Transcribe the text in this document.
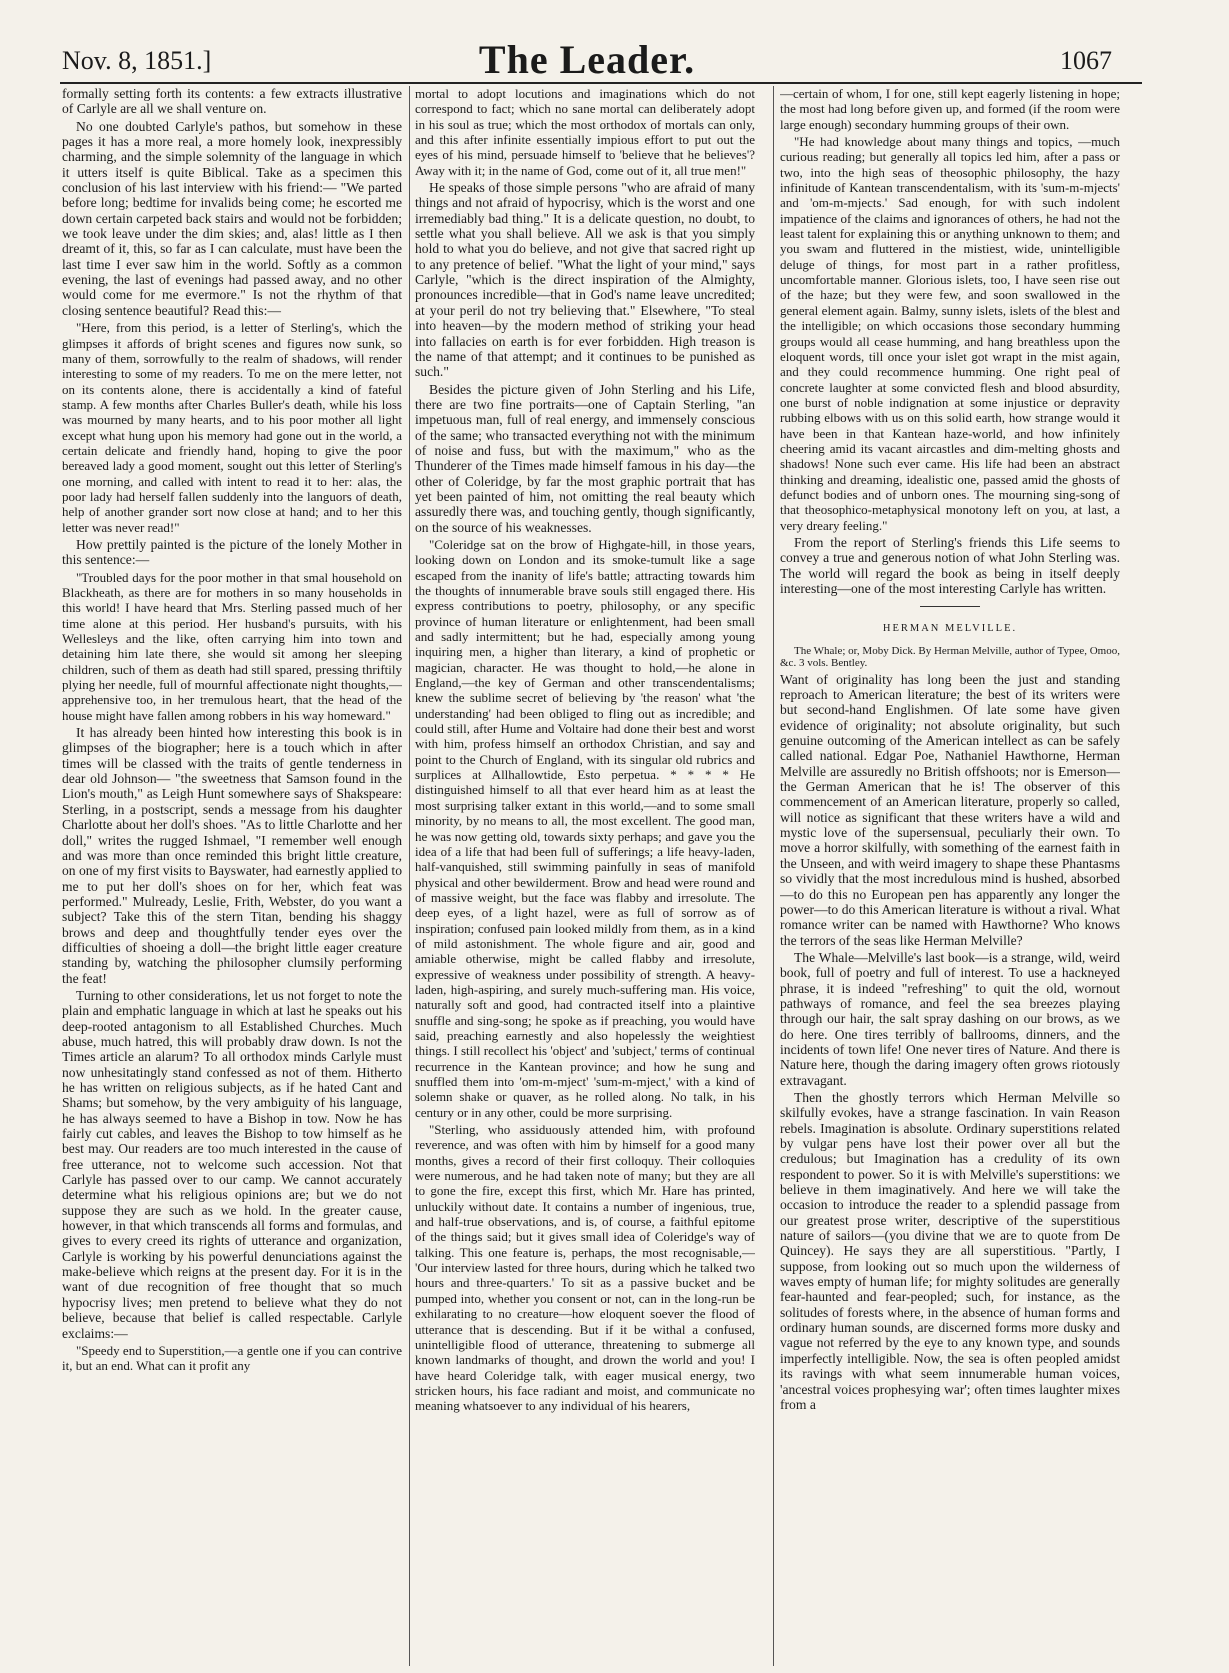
Nov. 8, 1851.]	The Leader.	1067

formally setting forth its contents: a few extracts illustrative of Carlyle are all we shall venture on.

No one doubted Carlyle's pathos, but somehow in these pages it has a more real, a more homely look, inexpressibly charming, and the simple solemnity of the language in which it utters itself is quite Biblical. Take as a specimen this conclusion of his last interview with his friend:— "We parted before long; bedtime for invalids being come; he escorted me down certain carpeted back stairs and would not be forbidden; we took leave under the dim skies; and, alas! little as I then dreamt of it, this, so far as I can calculate, must have been the last time I ever saw him in the world. Softly as a common evening, the last of evenings had passed away, and no other would come for me evermore." Is not the rhythm of that closing sentence beautiful? Read this:—

"Here, from this period, is a letter of Sterling's, which the glimpses it affords of bright scenes and figures now sunk, so many of them, sorrowfully to the realm of shadows, will render interesting to some of my readers. To me on the mere letter, not on its contents alone, there is accidentally a kind of fateful stamp. A few months after Charles Buller's death, while his loss was mourned by many hearts, and to his poor mother all light except what hung upon his memory had gone out in the world, a certain delicate and friendly hand, hoping to give the poor bereaved lady a good moment, sought out this letter of Sterling's one morning, and called with intent to read it to her: alas, the poor lady had herself fallen suddenly into the languors of death, help of another grander sort now close at hand; and to her this letter was never read!"

How prettily painted is the picture of the lonely Mother in this sentence:—

"Troubled days for the poor mother in that smal household on Blackheath, as there are for mothers in so many households in this world! I have heard that Mrs. Sterling passed much of her time alone at this period. Her husband's pursuits, with his Wellesleys and the like, often carrying him into town and detaining him late there, she would sit among her sleeping children, such of them as death had still spared, pressing thriftily plying her needle, full of mournful affectionate night thoughts,—apprehensive too, in her tremulous heart, that the head of the house might have fallen among robbers in his way homeward."

It has already been hinted how interesting this book is in glimpses of the biographer; here is a touch which in after times will be classed with the traits of gentle tenderness in dear old Johnson— "the sweetness that Samson found in the Lion's mouth," as Leigh Hunt somewhere says of Shakspeare: Sterling, in a postscript, sends a message from his daughter Charlotte about her doll's shoes. "As to little Charlotte and her doll," writes the rugged Ishmael, "I remember well enough and was more than once reminded this bright little creature, on one of my first visits to Bayswater, had earnestly applied to me to put her doll's shoes on for her, which feat was performed." Mulready, Leslie, Frith, Webster, do you want a subject? Take this of the stern Titan, bending his shaggy brows and deep and thoughtfully tender eyes over the difficulties of shoeing a doll—the bright little eager creature standing by, watching the philosopher clumsily performing the feat!

Turning to other considerations, let us not forget to note the plain and emphatic language in which at last he speaks out his deep-rooted antagonism to all Established Churches. Much abuse, much hatred, this will probably draw down. Is not the Times article an alarum? To all orthodox minds Carlyle must now unhesitatingly stand confessed as not of them. Hitherto he has written on religious subjects, as if he hated Cant and Shams; but somehow, by the very ambiguity of his language, he has always seemed to have a Bishop in tow. Now he has fairly cut cables, and leaves the Bishop to tow himself as he best may. Our readers are too much interested in the cause of free utterance, not to welcome such accession. Not that Carlyle has passed over to our camp. We cannot accurately determine what his religious opinions are; but we do not suppose they are such as we hold. In the greater cause, however, in that which transcends all forms and formulas, and gives to every creed its rights of utterance and organization, Carlyle is working by his powerful denunciations against the make-believe which reigns at the present day. For it is in the want of due recognition of free thought that so much hypocrisy lives; men pretend to believe what they do not believe, because that belief is called respectable. Carlyle exclaims:—

"Speedy end to Superstition,—a gentle one if you can contrive it, but an end. What can it profit any

mortal to adopt locutions and imaginations which do not correspond to fact; which no sane mortal can deliberately adopt in his soul as true; which the most orthodox of mortals can only, and this after infinite essentially impious effort to put out the eyes of his mind, persuade himself to 'believe that he believes'? Away with it; in the name of God, come out of it, all true men!"

He speaks of those simple persons "who are afraid of many things and not afraid of hypocrisy, which is the worst and one irremediably bad thing." It is a delicate question, no doubt, to settle what you shall believe. All we ask is that you simply hold to what you do believe, and not give that sacred right up to any pretence of belief. "What the light of your mind," says Carlyle, "which is the direct inspiration of the Almighty, pronounces incredible—that in God's name leave uncredited; at your peril do not try believing that." Elsewhere, "To steal into heaven—by the modern method of striking your head into fallacies on earth is for ever forbidden. High treason is the name of that attempt; and it continues to be punished as such."

Besides the picture given of John Sterling and his Life, there are two fine portraits—one of Captain Sterling, "an impetuous man, full of real energy, and immensely conscious of the same; who transacted everything not with the minimum of noise and fuss, but with the maximum," who as the Thunderer of the Times made himself famous in his day—the other of Coleridge, by far the most graphic portrait that has yet been painted of him, not omitting the real beauty which assuredly there was, and touching gently, though significantly, on the source of his weaknesses.

"Coleridge sat on the brow of Highgate-hill, in those years, looking down on London and its smoke-tumult like a sage escaped from the inanity of life's battle; attracting towards him the thoughts of innumerable brave souls still engaged there. His express contributions to poetry, philosophy, or any specific province of human literature or enlightenment, had been small and sadly intermittent; but he had, especially among young inquiring men, a higher than literary, a kind of prophetic or magician, character. He was thought to hold,—he alone in England,—the key of German and other transcendentalisms; knew the sublime secret of believing by 'the reason' what 'the understanding' had been obliged to fling out as incredible; and could still, after Hume and Voltaire had done their best and worst with him, profess himself an orthodox Christian, and say and point to the Church of England, with its singular old rubrics and surplices at Allhallowtide, Esto perpetua. * * * * He distinguished himself to all that ever heard him as at least the most surprising talker extant in this world,—and to some small minority, by no means to all, the most excellent. The good man, he was now getting old, towards sixty perhaps; and gave you the idea of a life that had been full of sufferings; a life heavy-laden, half-vanquished, still swimming painfully in seas of manifold physical and other bewilderment. Brow and head were round and of massive weight, but the face was flabby and irresolute. The deep eyes, of a light hazel, were as full of sorrow as of inspiration; confused pain looked mildly from them, as in a kind of mild astonishment. The whole figure and air, good and amiable otherwise, might be called flabby and irresolute, expressive of weakness under possibility of strength. A heavy-laden, high-aspiring, and surely much-suffering man. His voice, naturally soft and good, had contracted itself into a plaintive snuffle and sing-song; he spoke as if preaching, you would have said, preaching earnestly and also hopelessly the weightiest things. I still recollect his 'object' and 'subject,' terms of continual recurrence in the Kantean province; and how he sung and snuffled them into 'om-m-mject' 'sum-m-mject,' with a kind of solemn shake or quaver, as he rolled along. No talk, in his century or in any other, could be more surprising.

"Sterling, who assiduously attended him, with profound reverence, and was often with him by himself for a good many months, gives a record of their first colloquy. Their colloquies were numerous, and he had taken note of many; but they are all to gone the fire, except this first, which Mr. Hare has printed, unluckily without date. It contains a number of ingenious, true, and half-true observations, and is, of course, a faithful epitome of the things said; but it gives small idea of Coleridge's way of talking. This one feature is, perhaps, the most recognisable,— 'Our interview lasted for three hours, during which he talked two hours and three-quarters.' To sit as a passive bucket and be pumped into, whether you consent or not, can in the long-run be exhilarating to no creature—how eloquent soever the flood of utterance that is descending. But if it be withal a confused, unintelligible flood of utterance, threatening to submerge all known landmarks of thought, and drown the world and you! I have heard Coleridge talk, with eager musical energy, two stricken hours, his face radiant and moist, and communicate no meaning whatsoever to any individual of his hearers,

—certain of whom, I for one, still kept eagerly listening in hope; the most had long before given up, and formed (if the room were large enough) secondary humming groups of their own.

"He had knowledge about many things and topics, —much curious reading; but generally all topics led him, after a pass or two, into the high seas of theosophic philosophy, the hazy infinitude of Kantean transcendentalism, with its 'sum-m-mjects' and 'om-m-mjects.' Sad enough, for with such indolent impatience of the claims and ignorances of others, he had not the least talent for explaining this or anything unknown to them; and you swam and fluttered in the mistiest, wide, unintelligible deluge of things, for most part in a rather profitless, uncomfortable manner. Glorious islets, too, I have seen rise out of the haze; but they were few, and soon swallowed in the general element again. Balmy, sunny islets, islets of the blest and the intelligible; on which occasions those secondary humming groups would all cease humming, and hang breathless upon the eloquent words, till once your islet got wrapt in the mist again, and they could recommence humming. One right peal of concrete laughter at some convicted flesh and blood absurdity, one burst of noble indignation at some injustice or depravity rubbing elbows with us on this solid earth, how strange would it have been in that Kantean haze-world, and how infinitely cheering amid its vacant aircastles and dim-melting ghosts and shadows! None such ever came. His life had been an abstract thinking and dreaming, idealistic one, passed amid the ghosts of defunct bodies and of unborn ones. The mourning sing-song of that theosophico-metaphysical monotony left on you, at last, a very dreary feeling."

From the report of Sterling's friends this Life seems to convey a true and generous notion of what John Sterling was. The world will regard the book as being in itself deeply interesting—one of the most interesting Carlyle has written.

HERMAN MELVILLE.

The Whale; or, Moby Dick. By Herman Melville, author of Typee, Omoo, &c. 3 vols. Bentley.

Want of originality has long been the just and standing reproach to American literature; the best of its writers were but second-hand Englishmen. Of late some have given evidence of originality; not absolute originality, but such genuine outcoming of the American intellect as can be safely called national. Edgar Poe, Nathaniel Hawthorne, Herman Melville are assuredly no British offshoots; nor is Emerson—the German American that he is! The observer of this commencement of an American literature, properly so called, will notice as significant that these writers have a wild and mystic love of the supersensual, peculiarly their own. To move a horror skilfully, with something of the earnest faith in the Unseen, and with weird imagery to shape these Phantasms so vividly that the most incredulous mind is hushed, absorbed—to do this no European pen has apparently any longer the power—to do this American literature is without a rival. What romance writer can be named with Hawthorne? Who knows the terrors of the seas like Herman Melville?

The Whale—Melville's last book—is a strange, wild, weird book, full of poetry and full of interest. To use a hackneyed phrase, it is indeed "refreshing" to quit the old, wornout pathways of romance, and feel the sea breezes playing through our hair, the salt spray dashing on our brows, as we do here. One tires terribly of ballrooms, dinners, and the incidents of town life! One never tires of Nature. And there is Nature here, though the daring imagery often grows riotously extravagant.

Then the ghostly terrors which Herman Melville so skilfully evokes, have a strange fascination. In vain Reason rebels. Imagination is absolute. Ordinary superstitions related by vulgar pens have lost their power over all but the credulous; but Imagination has a credulity of its own respondent to power. So it is with Melville's superstitions: we believe in them imaginatively. And here we will take the occasion to introduce the reader to a splendid passage from our greatest prose writer, descriptive of the superstitious nature of sailors—(you divine that we are to quote from De Quincey). He says they are all superstitious. "Partly, I suppose, from looking out so much upon the wilderness of waves empty of human life; for mighty solitudes are generally fear-haunted and fear-peopled; such, for instance, as the solitudes of forests where, in the absence of human forms and ordinary human sounds, are discerned forms more dusky and vague not referred by the eye to any known type, and sounds imperfectly intelligible. Now, the sea is often peopled amidst its ravings with what seem innumerable human voices, 'ancestral voices prophesying war'; often times laughter mixes from a
